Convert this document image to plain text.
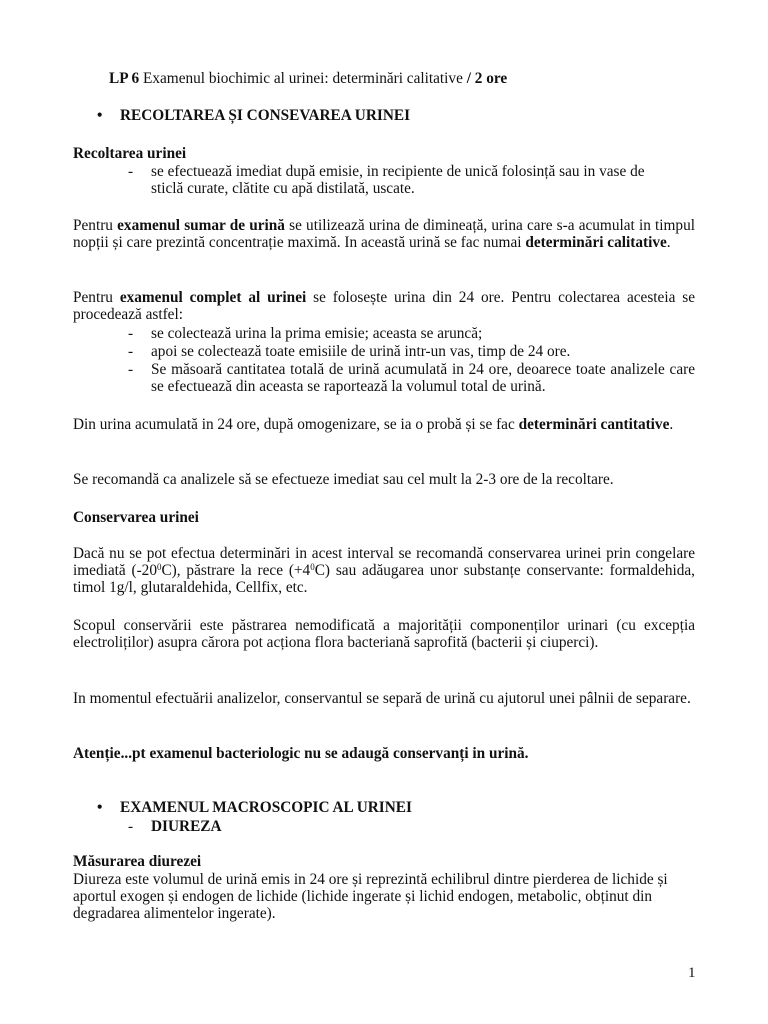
LP 6 Examenul biochimic al urinei: determinări calitative / 2 ore
• RECOLTAREA ȘI CONSEVAREA URINEI
Recoltarea urinei
- se efectuează imediat după emisie, in recipiente de unică folosință sau in vase de
sticlă curate, clătite cu apă distilată, uscate.

Pentru examenul sumar de urină se utilizează urina de dimineață, urina care s-a acumulat in timpul nopții și care prezintă concentrație maximă. In această urină se fac numai determinări calitative.

Pentru examenul complet al urinei se folosește urina din 24 ore. Pentru colectarea acesteia se procedează astfel:

- se colectează urina la prima emisie; aceasta se aruncă;
- apoi se colectează toate emisiile de urină intr-un vas, timp de 24 ore.
- Se măsoară cantitatea totală de urină acumulată in 24 ore, deoarece toate analizele care se efectuează din aceasta se raportează la volumul total de urină.

Din urina acumulată in 24 ore, după omogenizare, se ia o probă și se fac determinări cantitative.

Se recomandă ca analizele să se efectueze imediat sau cel mult la 2-3 ore de la recoltare.

Conservarea urinei

Dacă nu se pot efectua determinări in acest interval se recomandă conservarea urinei prin congelare imediată $(-20^0C)$, păstrare la rece $(+4^0C)$ sau adăugarea unor substanțe conservante: formaldehida, timol 1g/l, glutaraldehida, Cellfix, etc.

Scopul conservării este păstrarea nemodificată a majorității componenților urinari (cu excepția electroliților) asupra cărora pot acționa flora bacteriană saprofită (bacterii și ciuperci).

In momentul efectuării analizelor, conservantul se separă de urină cu ajutorul unei pâlnii de separare.

Atenție...pt examenul bacteriologic nu se adaugă conservanți in urină.

• EXAMENUL MACROSCOPIC AL URINEI
- DIUREZA
Măsurarea diurezei

Diureza este volumul de urină emis in 24 ore și reprezintă echilibrul dintre pierderea de lichide și aportul exogen și endogen de lichide (lichide ingerate și lichid endogen, metabolic, obținut din degradarea alimentelor ingerate).

1
